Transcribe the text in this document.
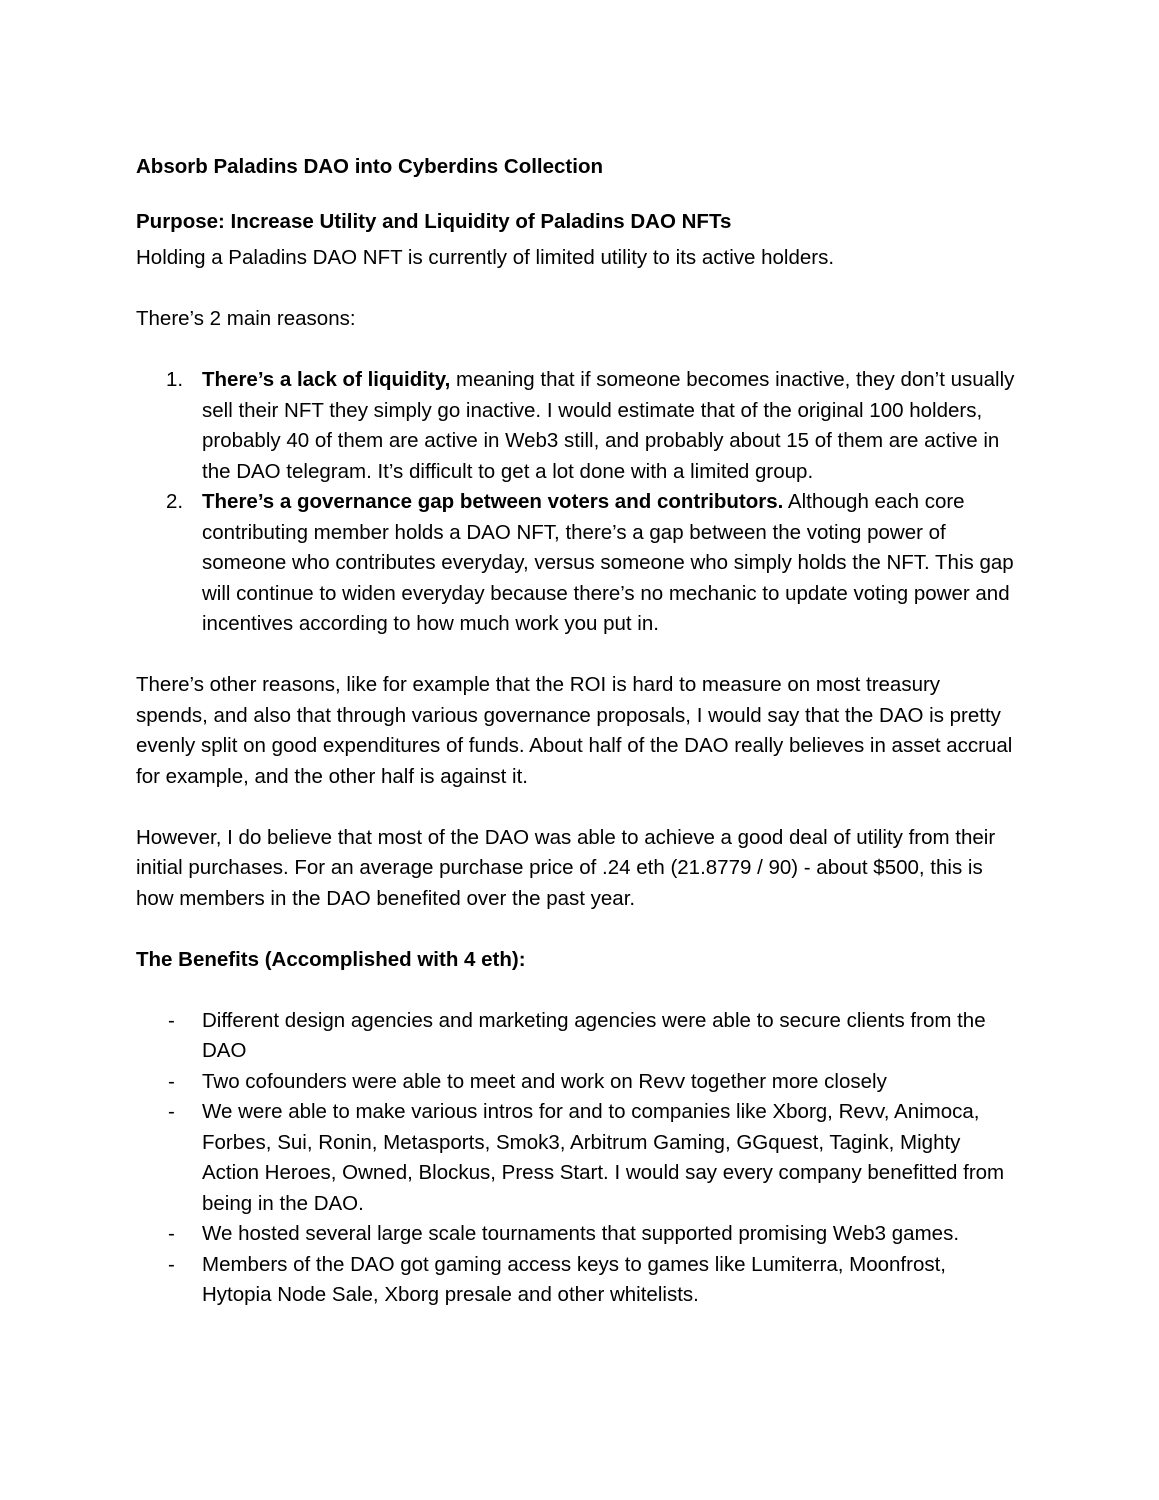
Absorb Paladins DAO into Cyberdins Collection
Purpose: Increase Utility and Liquidity of Paladins DAO NFTs

Holding a Paladins DAO NFT is currently of limited utility to its active holders.

There’s 2 main reasons:

There’s a lack of liquidity, meaning that if someone becomes inactive, they don’t usually sell their NFT they simply go inactive. I would estimate that of the original 100 holders, probably 40 of them are active in Web3 still, and probably about 15 of them are active in the DAO telegram. It’s difficult to get a lot done with a limited group.
There’s a governance gap between voters and contributors. Although each core contributing member holds a DAO NFT, there’s a gap between the voting power of someone who contributes everyday, versus someone who simply holds the NFT. This gap will continue to widen everyday because there’s no mechanic to update voting power and incentives according to how much work you put in.

There’s other reasons, like for example that the ROI is hard to measure on most treasury spends, and also that through various governance proposals, I would say that the DAO is pretty evenly split on good expenditures of funds. About half of the DAO really believes in asset accrual for example, and the other half is against it.

However, I do believe that most of the DAO was able to achieve a good deal of utility from their initial purchases. For an average purchase price of .24 eth (21.8779 / 90) - about $500, this is how members in the DAO benefited over the past year.

The Benefits (Accomplished with 4 eth):
- Different design agencies and marketing agencies were able to secure clients from the DAO
- Two cofounders were able to meet and work on Revv together more closely
- We were able to make various intros for and to companies like Xborg, Revv, Animoca, Forbes, Sui, Ronin, Metasports, Smok3, Arbitrum Gaming, GGquest, Tagink, Mighty Action Heroes, Owned, Blockus, Press Start. I would say every company benefitted from being in the DAO.
- We hosted several large scale tournaments that supported promising Web3 games.
- Members of the DAO got gaming access keys to games like Lumiterra, Moonfrost, Hytopia Node Sale, Xborg presale and other whitelists.
